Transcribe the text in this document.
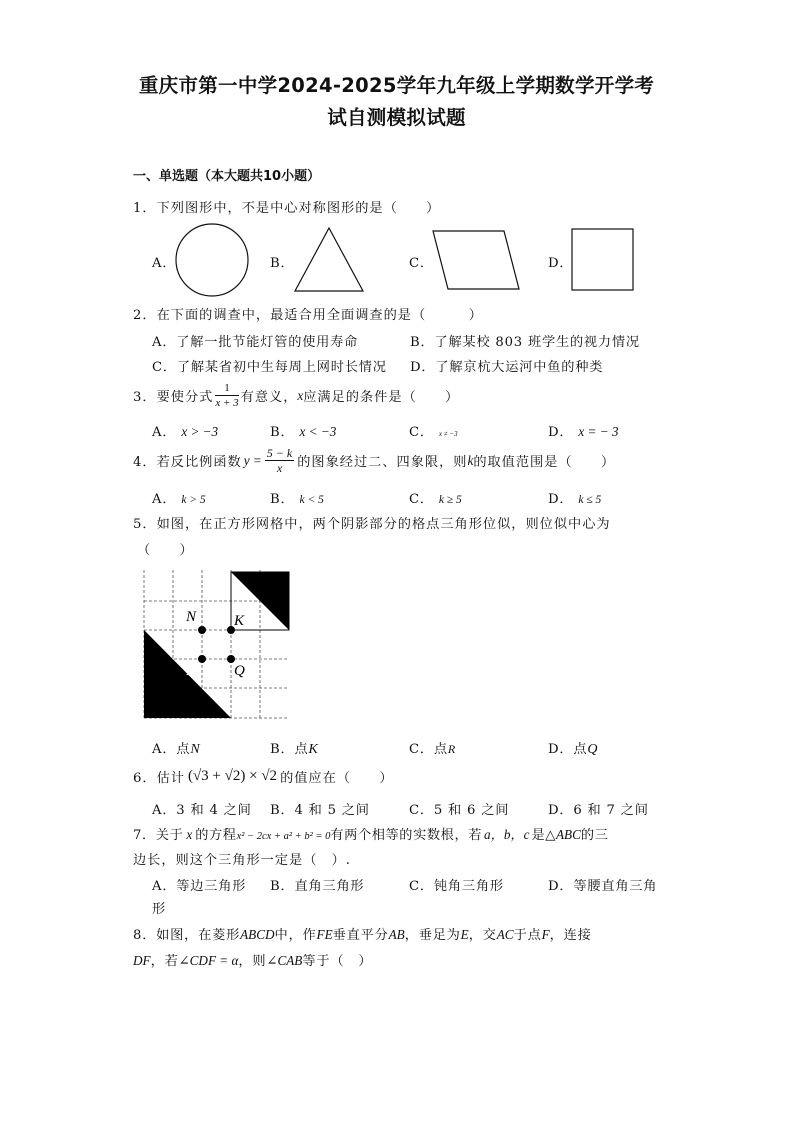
重庆市第一中学2024-2025学年九年级上学期数学开学考
试自测模拟试题
一、单选题（本大题共10小题）
1．下列图形中，不是中心对称图形的是（　　）
A．	B．	C．	D．
2．在下面的调查中，最适合用全面调查的是（　　　）
A．了解一批节能灯管的使用寿命	B．了解某校 803 班学生的视力情况
C．了解某省初中生每周上网时长情况 D．了解京杭大运河中鱼的种类
3．要使分式 $\frac{1}{x + 3}$ 有意义， x 应满足的条件是（　　）
A． x > −3	B． x < −3	C． x ≠ −3	D． x = − 3
4．若反比例函数 $y = \frac{5 - k}{x}$ 的图象经过二、四象限，则 k 的取值范围是（　　）
A． k > 5	B． k < 5	C． k ≥ 5	D． k ≤ 5
5．如图，在正方形网格中，两个阴影部分的格点三角形位似，则位似中心为
（　　）
N	K
R	Q
A．点N	B．点K	C．点R	D．点Q
6．估计 (√3 + √2) × √2 的值应在（　　）
A．3 和 4 之间 B．4 和 5 之间	C．5 和 6 之间	D．6 和 7 之间
7．关于 x 的方程x² − 2cx + a² + b² = 0有两个相等的实数根，若 a，b，c 是△ABC的三
边长，则这个三角形一定是（　）.
A．等边三角形 B．直角三角形	C．钝角三角形	D．等腰直角三角
形
8．如图，在菱形ABCD中，作FE垂直平分AB，垂足为E，交AC于点F，连接
DF，若∠CDF = α，则∠CAB等于（　）
